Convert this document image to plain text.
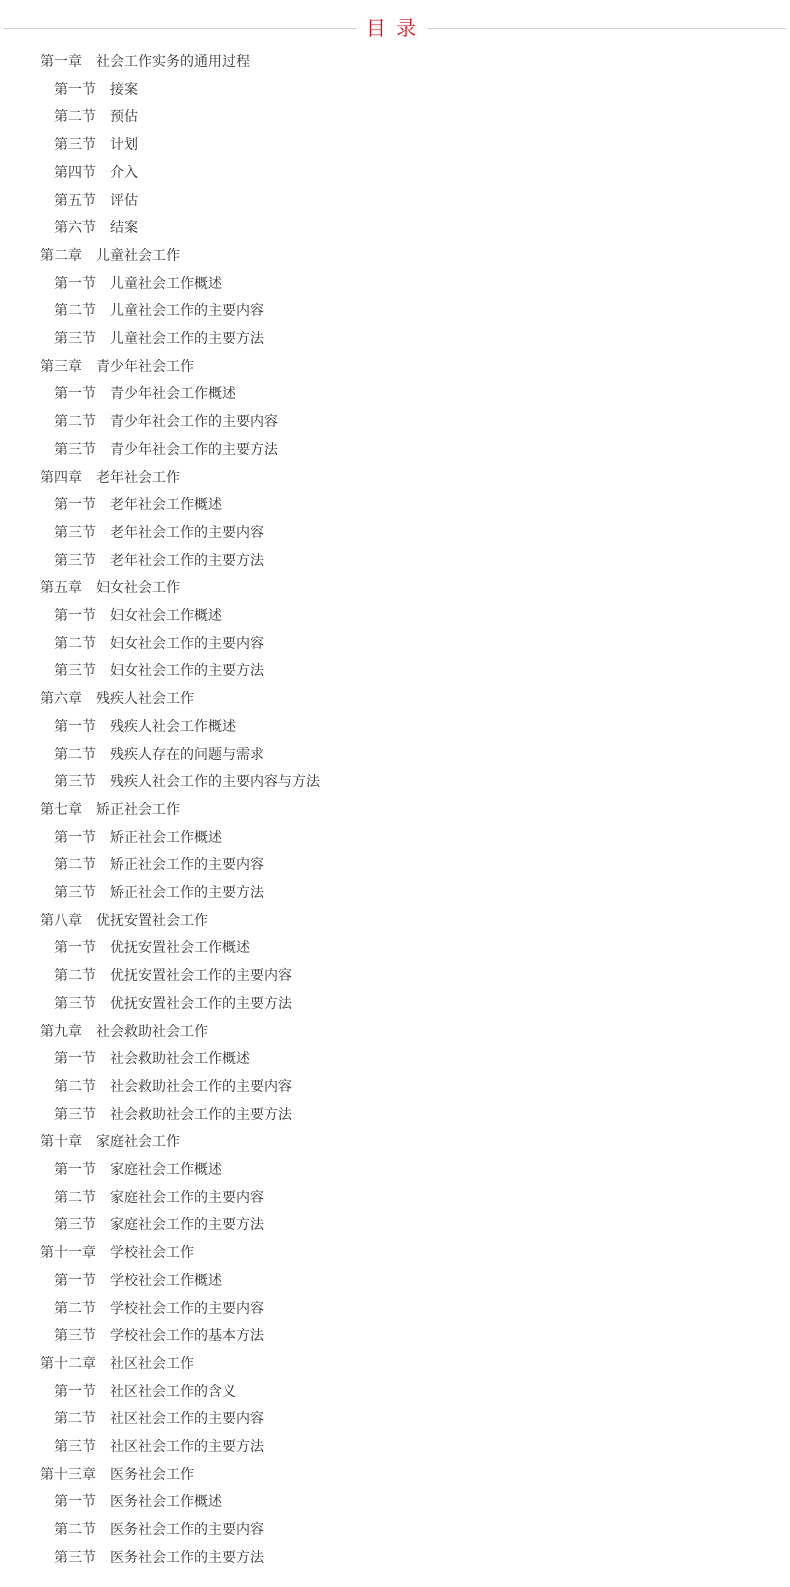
目 录
第一章 社会工作实务的通用过程
第一节 接案
第二节 预估
第三节 计划
第四节 介入
第五节 评估
第六节 结案
第二章 儿童社会工作
第一节 儿童社会工作概述
第二节 儿童社会工作的主要内容
第三节 儿童社会工作的主要方法
第三章 青少年社会工作
第一节 青少年社会工作概述
第二节 青少年社会工作的主要内容
第三节 青少年社会工作的主要方法
第四章 老年社会工作
第一节 老年社会工作概述
第三节 老年社会工作的主要内容
第三节 老年社会工作的主要方法
第五章 妇女社会工作
第一节 妇女社会工作概述
第二节 妇女社会工作的主要内容
第三节 妇女社会工作的主要方法
第六章 残疾人社会工作
第一节 残疾人社会工作概述
第二节 残疾人存在的问题与需求
第三节 残疾人社会工作的主要内容与方法
第七章 矫正社会工作
第一节 矫正社会工作概述
第二节 矫正社会工作的主要内容
第三节 矫正社会工作的主要方法
第八章 优抚安置社会工作
第一节 优抚安置社会工作概述
第二节 优抚安置社会工作的主要内容
第三节 优抚安置社会工作的主要方法
第九章 社会救助社会工作
第一节 社会救助社会工作概述
第二节 社会救助社会工作的主要内容
第三节 社会救助社会工作的主要方法
第十章 家庭社会工作
第一节 家庭社会工作概述
第二节 家庭社会工作的主要内容
第三节 家庭社会工作的主要方法
第十一章 学校社会工作
第一节 学校社会工作概述
第二节 学校社会工作的主要内容
第三节 学校社会工作的基本方法
第十二章 社区社会工作
第一节 社区社会工作的含义
第二节 社区社会工作的主要内容
第三节 社区社会工作的主要方法
第十三章 医务社会工作
第一节 医务社会工作概述
第二节 医务社会工作的主要内容
第三节 医务社会工作的主要方法
